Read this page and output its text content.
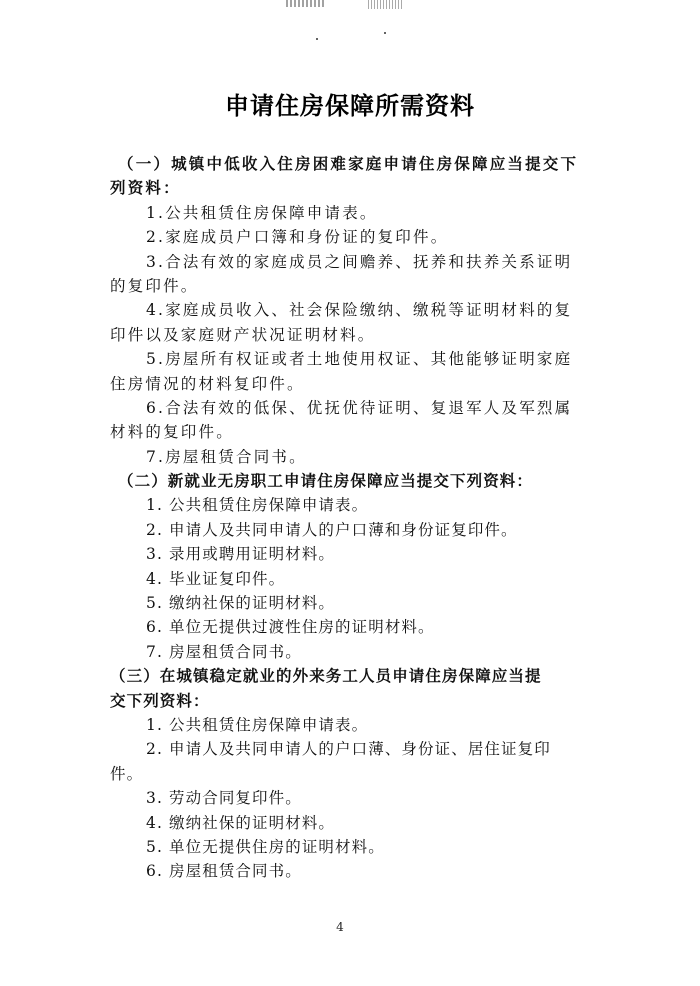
申请住房保障所需资料
（一）城镇中低收入住房困难家庭申请住房保障应当提交下
列资料：
1.公共租赁住房保障申请表。
2.家庭成员户口簿和身份证的复印件。
3.合法有效的家庭成员之间赡养、抚养和扶养关系证明
的复印件。
4.家庭成员收入、社会保险缴纳、缴税等证明材料的复
印件以及家庭财产状况证明材料。
5.房屋所有权证或者土地使用权证、其他能够证明家庭
住房情况的材料复印件。
6.合法有效的低保、优抚优待证明、复退军人及军烈属
材料的复印件。
7.房屋租赁合同书。
（二）新就业无房职工申请住房保障应当提交下列资料：
1. 公共租赁住房保障申请表。
2. 申请人及共同申请人的户口薄和身份证复印件。
3. 录用或聘用证明材料。
4. 毕业证复印件。
5. 缴纳社保的证明材料。
6. 单位无提供过渡性住房的证明材料。
7. 房屋租赁合同书。
（三）在城镇稳定就业的外来务工人员申请住房保障应当提
交下列资料：
1. 公共租赁住房保障申请表。
2. 申请人及共同申请人的户口薄、身份证、居住证复印
件。
3. 劳动合同复印件。
4. 缴纳社保的证明材料。
5. 单位无提供住房的证明材料。
6. 房屋租赁合同书。
4
